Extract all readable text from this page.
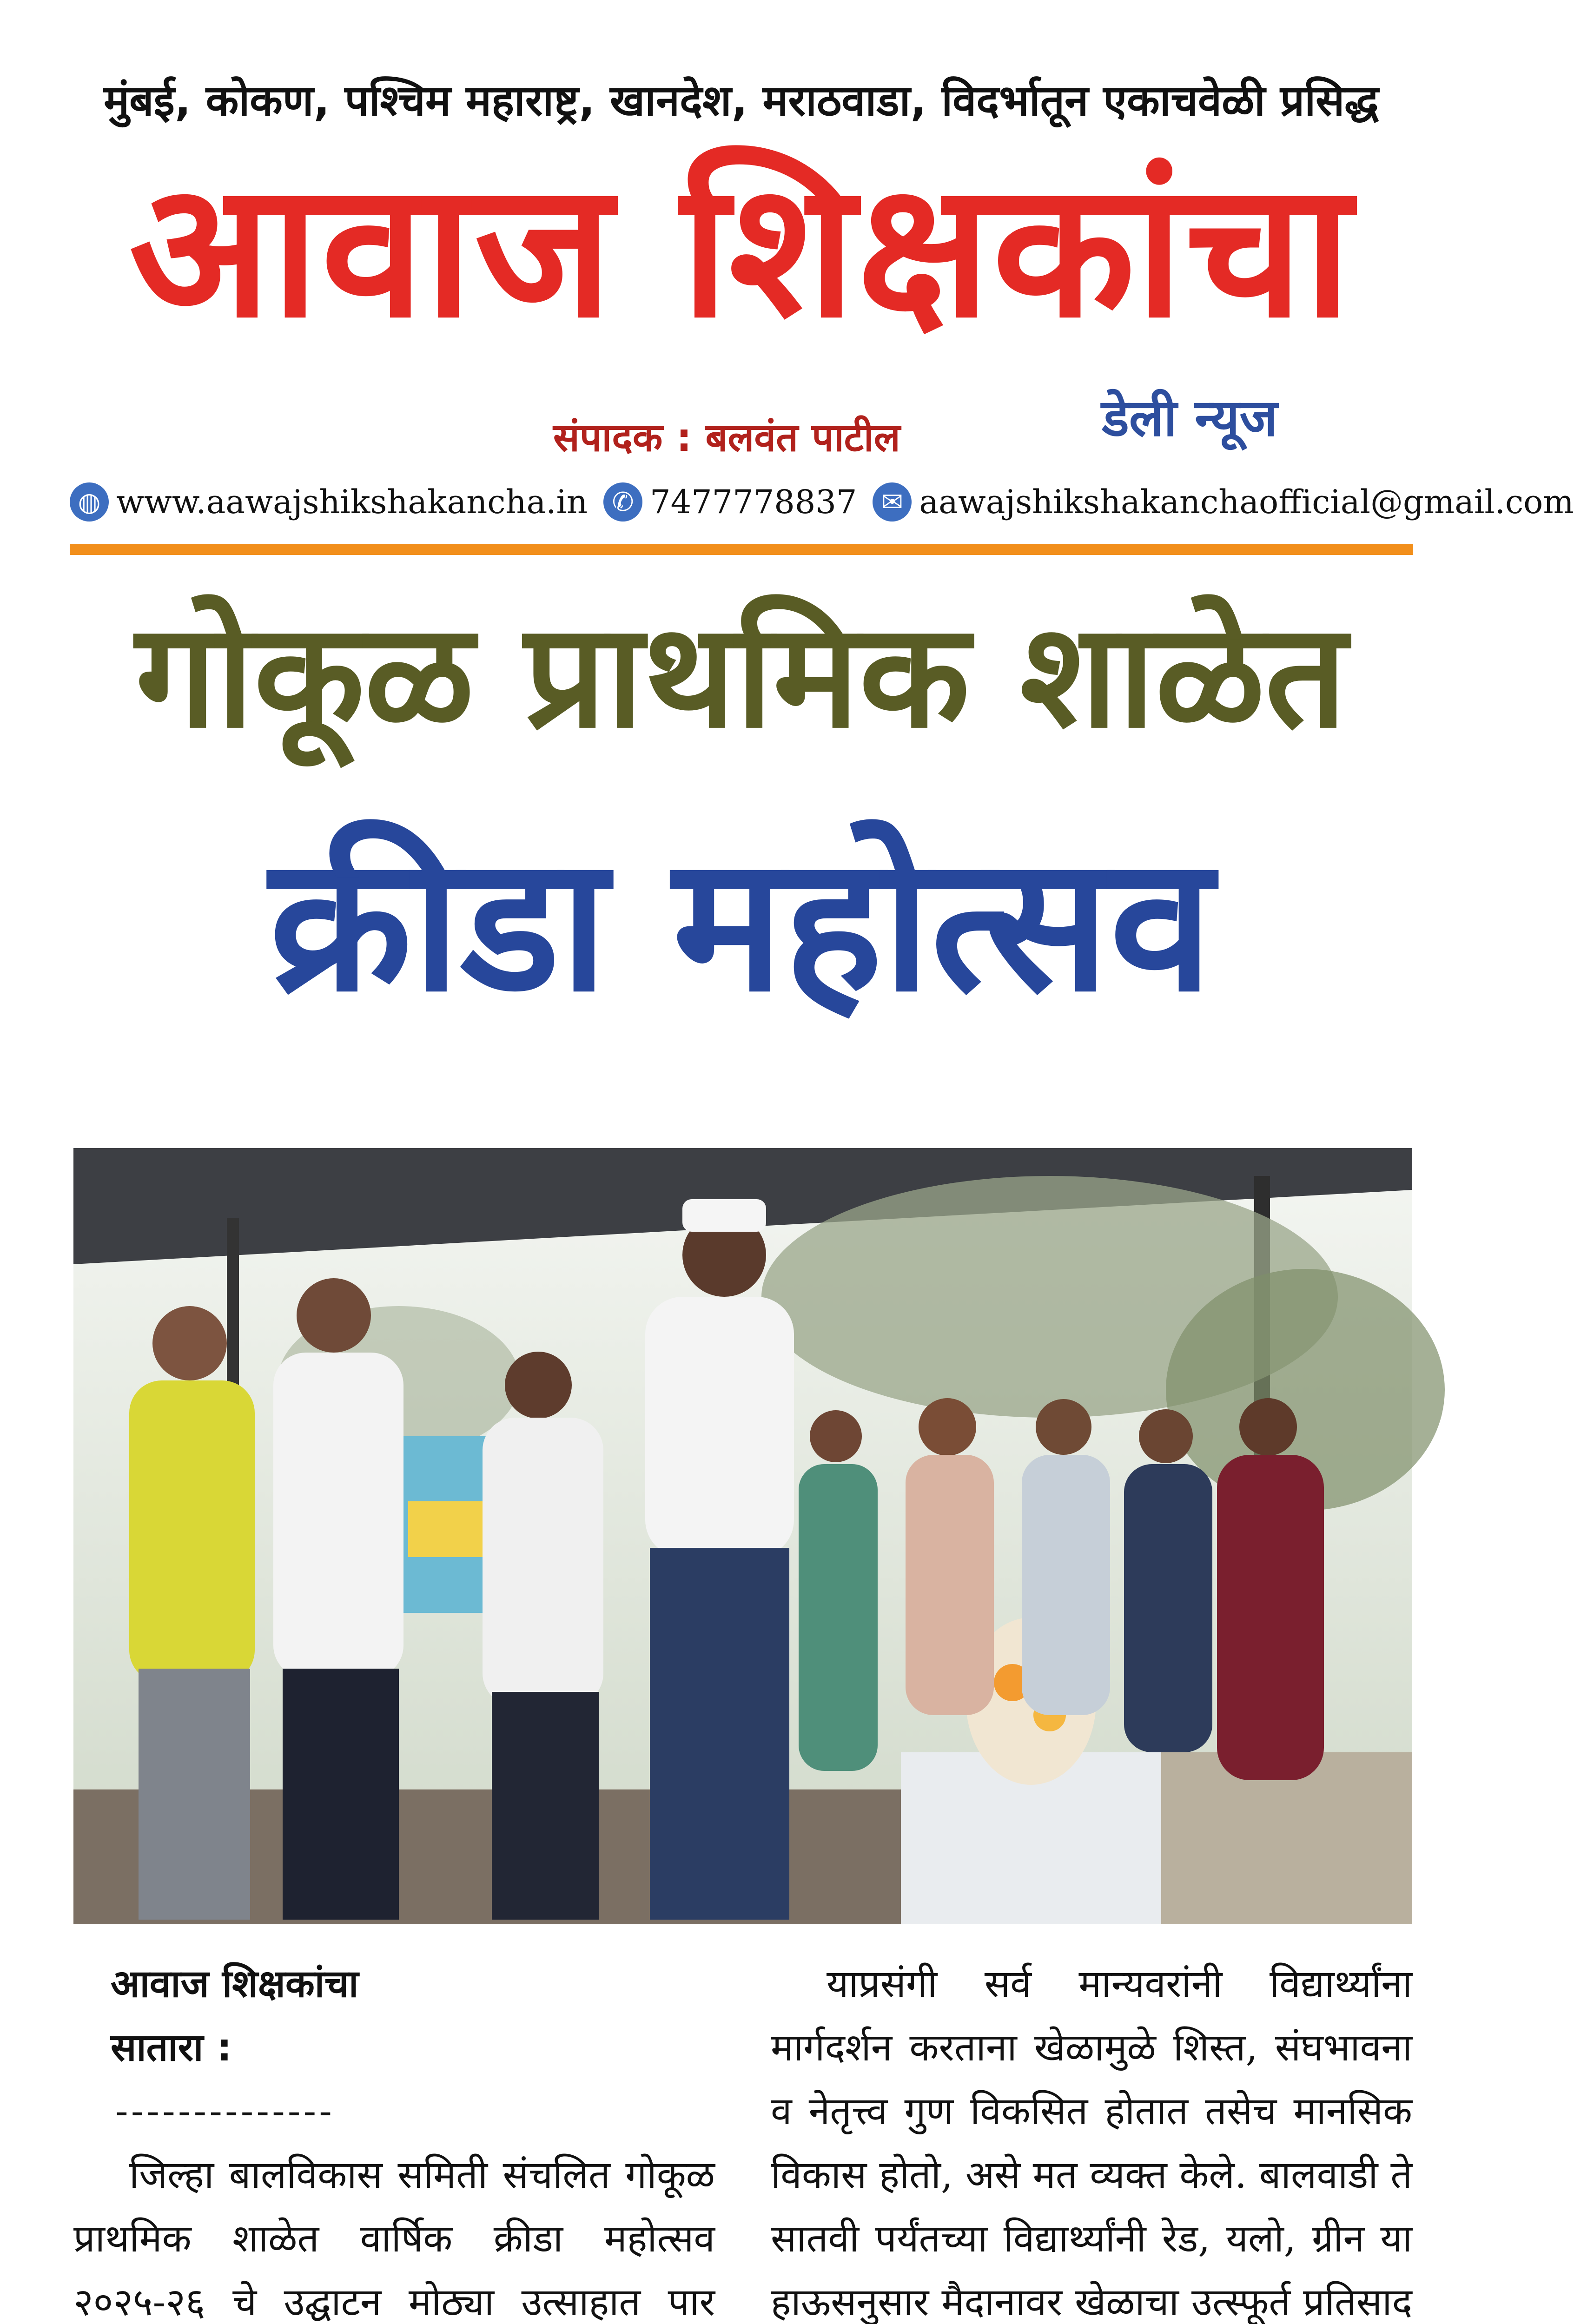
मुंबई, कोकण, पश्चिम महाराष्ट्र, खानदेश, मराठवाडा, विदर्भातून एकाचवेळी प्रसिद्ध
आवाज शिक्षकांचा
संपादक : बलवंत पाटील	डेली न्यूज
◍ www.aawajshikshakancha.in ✆ 7477778837 ✉ aawajshikshakanchaofficial@gmail.com
गोकूळ प्राथमिक शाळेत
क्रीडा महोत्सव
आवाज शिक्षकांचा
सातारा :
--------------

जिल्हा बालविकास समिती संचलित गोकूळ प्राथमिक शाळेत वार्षिक क्रीडा महोत्सव २०२५-२६ चे उद्घाटन मोठ्या उत्साहात पार

याप्रसंगी सर्व मान्यवरांनी विद्यार्थ्यांना मार्गदर्शन करताना खेळामुळे शिस्त, संघभावना व नेतृत्त्व गुण विकसित होतात तसेच मानसिक विकास होतो, असे मत व्यक्त केले. बालवाडी ते सातवी पर्यंतच्या विद्यार्थ्यांनी रेड, यलो, ग्रीन या हाऊसनुसार मैदानावर खेळाचा उत्स्फूर्त प्रतिसाद
